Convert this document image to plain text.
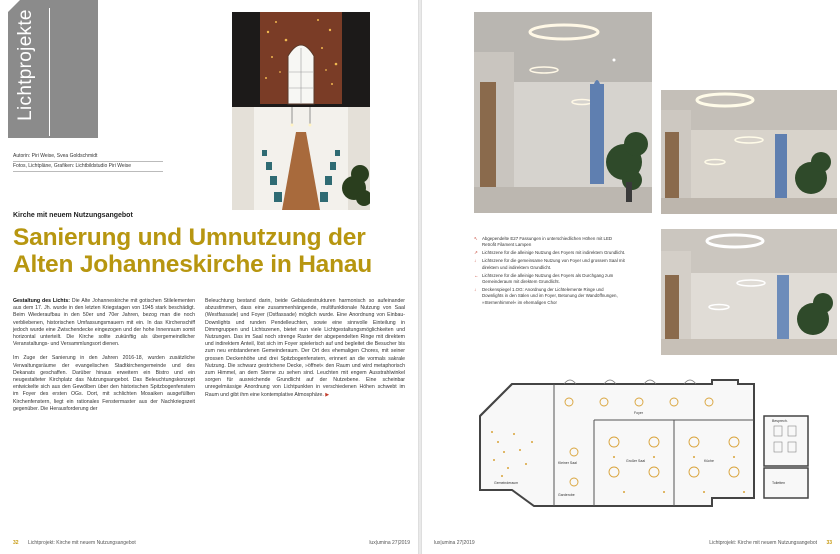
Lichtprojekte
Autorin: Piri Weise, Svea Goldschmidt
Fotos, Lichtpläne, Grafiken: Lichtbildstudio Piri Weise
Kirche mit neuem Nutzungsangebot
Sanierung und Umnutzung der Alten Johanneskirche in Hanau

Gestaltung des Lichts: Die Alte Johanneskirche mit gotischen Stilelementen aus dem 17. Jh. wurde in den letzten Kriegstagen von 1945 stark beschädigt. Beim Wiederaufbau in den 50er und 70er Jahren, bezog man die noch verbliebenen, historischen Umfassungsmauern mit ein. In das Kirchenschiff jedoch wurde eine Zwischendecke eingezogen und der hohe Innenraum somit horizontal unterteilt. Die Kirche sollte zukünftig als übergemeindlicher Veranstaltungs- und Versammlungsort dienen.

Im Zuge der Sanierung in den Jahren 2016-18, wurden zusätzliche Verwaltungsräume der evangelischen Stadtkirchengemeinde und des Dekanats geschaffen. Darüber hinaus erweitern ein Bistro und ein neugestalteter Kirchplatz das Nutzungsangebot. Das Beleuchtungskonzept entwickelte sich aus den Gewölben über den historischen Spitzbogenfenstern im Foyer des ersten OGs. Dort, mit schlichten Mosaiken ausgefüllten Kirchenfenstern, liegt ein rationales Fenstermaster aus der Nachkriegszeit gegenüber. Die Herausforderung der

Beleuchtung bestand darin, beide Gebäudestrukturen harmonisch so aufeinander abzustimmen, dass eine zusammenhängende, multifunktionale Nutzung von Saal (Westfassade) und Foyer (Ostfassade) möglich wurde. Eine Anordnung von Einbau-Downlights und runden Pendelleuchten, sowie eine sinnvolle Einteilung in Dimmgruppen und Lichtszenen, bietet nun viele Lichtgestaltungsmöglichkeiten und Nutzungen. Das im Saal noch strenge Raster der abgependelten Ringe mit direktem und indirektem Anteil, löst sich im Foyer spielerisch auf und begleitet die Besucher bis zum neu entstandenen Gemeinderaum. Der Ort des ehemaligen Chores, mit seiner grossen Deckenhöhe und drei Spitzbogenfenstern, erinnert an die vormals sakrale Nutzung. Die schwarz gestrichene Decke, »öffnet« den Raum und wird metaphorisch zum Himmel, an dem Sterne zu sehen sind. Leuchten mit engem Ausstrahlwinkel sorgen für ausreichende Grundlicht auf der Nutzebene. Eine scheinbar unregelmässige Anordnung von Lichtpunkten in verschiedenen Höhen schwebt im Raum und gibt ihm eine kontemplative Atmosphäre. ▶

32 Lichtprojekt: Kirche mit neuem Nutzungsangebot	lux|umina 27|2019
↖ Abgependelte E27 Fassungen in unterschiedlichen Höhen mit LED Retrofit Filament Lampen
↗ Lichtszene für die alleinige Nutzung des Foyers mit indirektem Grundlicht.
↓	Lichtszene für die gemeinsame Nutzung von Foyer und grossem Saal mit direktem und indirektem Grundlicht.
← Lichtszene für die alleinige Nutzung des Foyers als Durchgang zum Gemeinderaum mit direktem Grundlicht.
↓	Deckenspiegel 1.OG: Anordnung der Lichtelemente Ringe und Downlights in den Sälen und im Foyer, Betonung der Wandöffnungen, »Sternenhimmel« im ehemaligen Chor
Foyer
Kleiner Saal	Großer Saal
Gemeinderaum
Küche
Garderobe
Besprech.
Toiletten
lux|umina 27|2019	Lichtprojekt: Kirche mit neuem Nutzungsangebot 33
